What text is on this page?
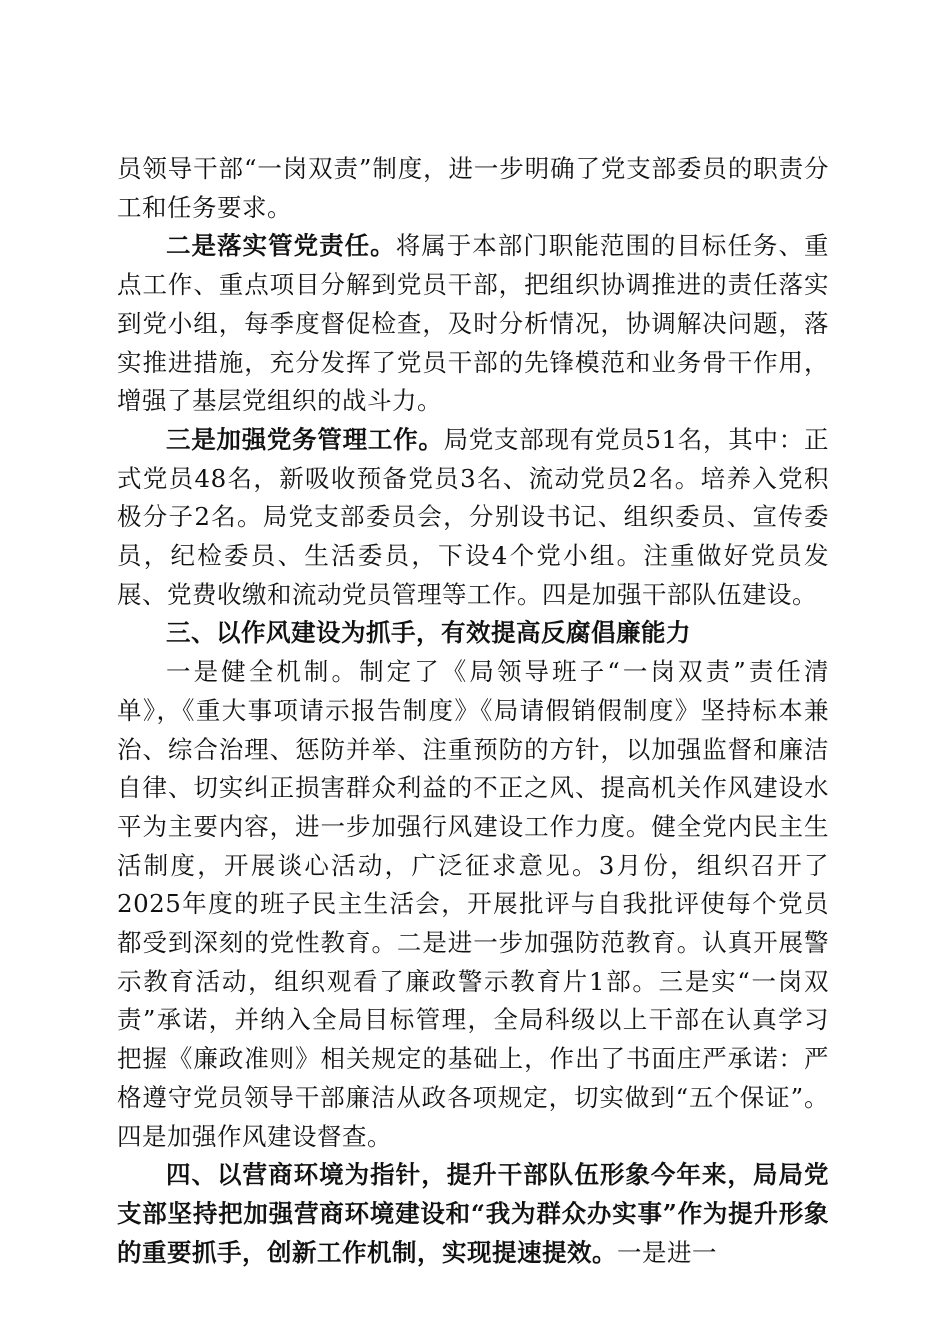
员领导干部“一岗双责”制度，进一步明确了党支部委员的职责分工和任务要求。

二是落实管党责任。将属于本部门职能范围的目标任务、重点工作、重点项目分解到党员干部，把组织协调推进的责任落实到党小组，每季度督促检查，及时分析情况，协调解决问题，落实推进措施，充分发挥了党员干部的先锋模范和业务骨干作用，增强了基层党组织的战斗力。

三是加强党务管理工作。局党支部现有党员51名，其中：正式党员48名，新吸收预备党员3名、流动党员2名。培养入党积极分子2名。局党支部委员会，分别设书记、组织委员、宣传委员，纪检委员、生活委员，下设4个党小组。注重做好党员发展、党费收缴和流动党员管理等工作。四是加强干部队伍建设。

三、以作风建设为抓手，有效提高反腐倡廉能力

一是健全机制。制定了《局领导班子“一岗双责”责任清单》，《重大事项请示报告制度》《局请假销假制度》坚持标本兼治、综合治理、惩防并举、注重预防的方针，以加强监督和廉洁自律、切实纠正损害群众利益的不正之风、提高机关作风建设水平为主要内容，进一步加强行风建设工作力度。健全党内民主生活制度，开展谈心活动，广泛征求意见。3月份，组织召开了2025年度的班子民主生活会，开展批评与自我批评使每个党员都受到深刻的党性教育。二是进一步加强防范教育。认真开展警示教育活动，组织观看了廉政警示教育片1部。三是实“一岗双责”承诺，并纳入全局目标管理，全局科级以上干部在认真学习把握《廉政准则》相关规定的基础上，作出了书面庄严承诺：严格遵守党员领导干部廉洁从政各项规定，切实做到“五个保证”。四是加强作风建设督查。

四、以营商环境为指针，提升干部队伍形象今年来，局局党支部坚持把加强营商环境建设和“我为群众办实事”作为提升形象的重要抓手，创新工作机制，实现提速提效。一是进一
